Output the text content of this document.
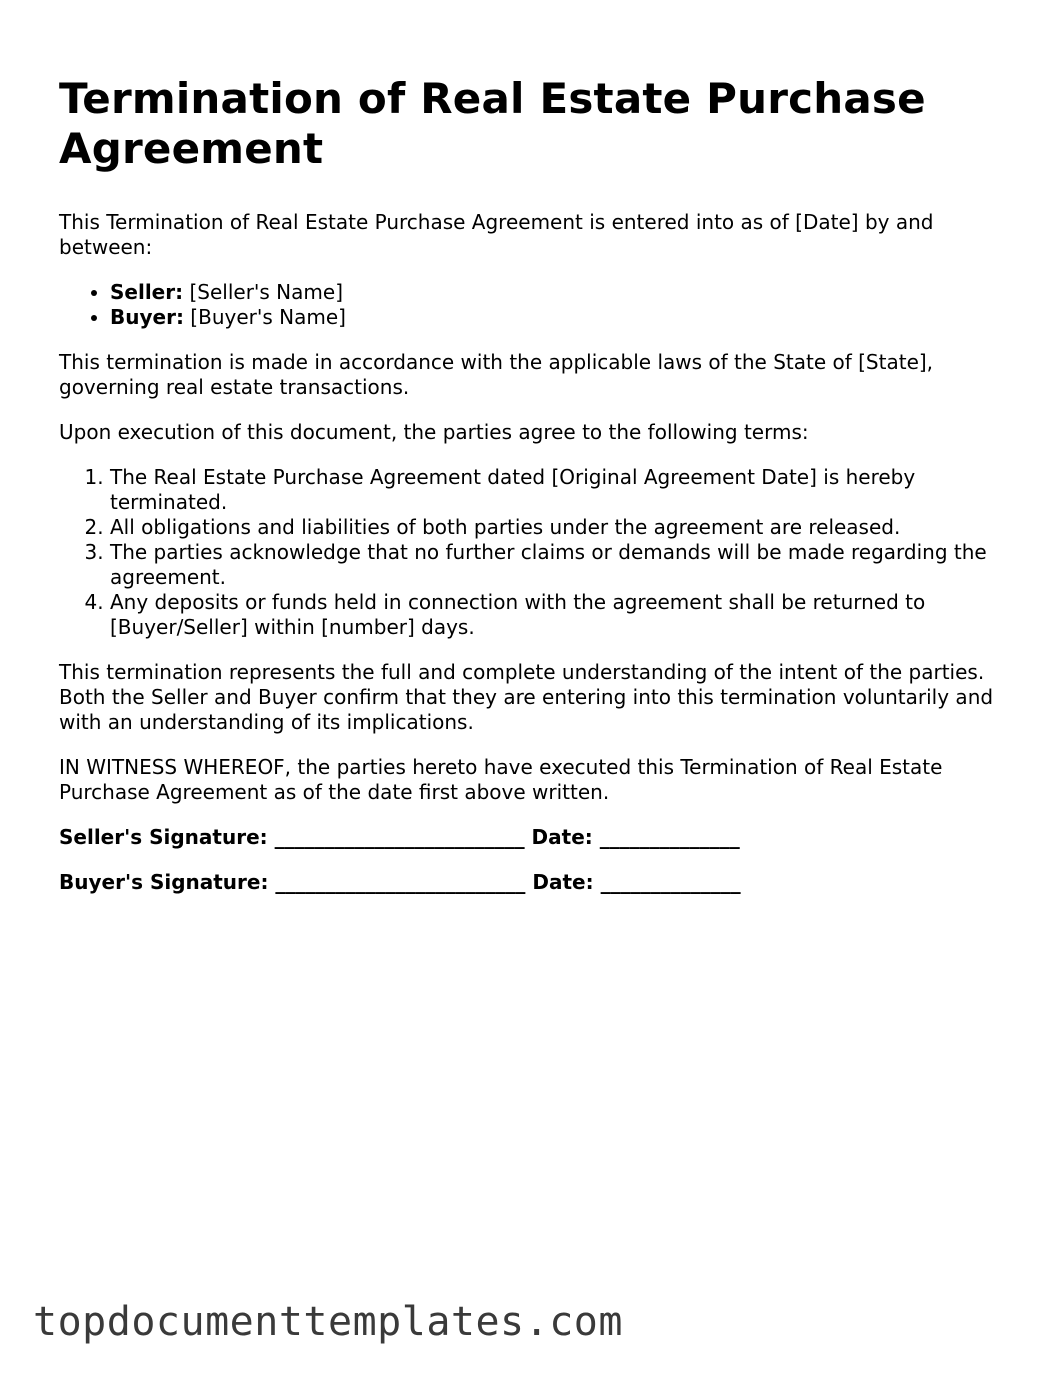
Termination of Real Estate Purchase Agreement

This Termination of Real Estate Purchase Agreement is entered into as of [Date] by and between:

• Seller: [Seller's Name]
• Buyer: [Buyer's Name]

This termination is made in accordance with the applicable laws of the State of [State], governing real estate transactions.

Upon execution of this document, the parties agree to the following terms:

1. The Real Estate Purchase Agreement dated [Original Agreement Date] is hereby terminated.
2. All obligations and liabilities of both parties under the agreement are released.
3. The parties acknowledge that no further claims or demands will be made regarding the agreement.
4. Any deposits or funds held in connection with the agreement shall be returned to [Buyer/Seller] within [number] days.

This termination represents the full and complete understanding of the intent of the parties. Both the Seller and Buyer confirm that they are entering into this termination voluntarily and with an understanding of its implications.

IN WITNESS WHEREOF, the parties hereto have executed this Termination of Real Estate Purchase Agreement as of the date first above written.

Seller's Signature: _________________________ Date: ______________
Buyer's Signature: _________________________ Date: ______________
topdocumenttemplates.com
